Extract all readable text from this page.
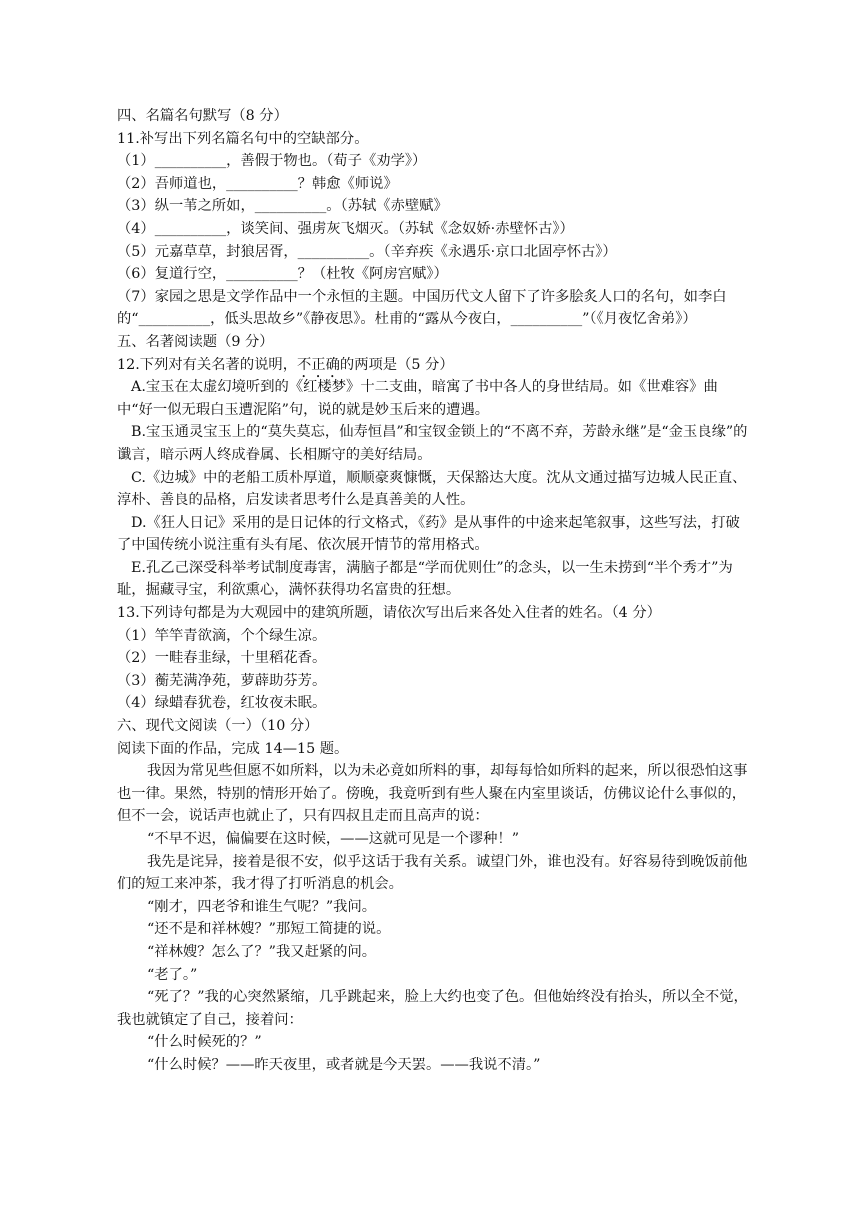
四、名篇名句默写（8 分）
11.补写出下列名篇名句中的空缺部分。
（1）__________，善假于物也。（荀子《劝学》）
（2）吾师道也，__________？韩愈《师说》
（3）纵一苇之所如，__________。（苏轼《赤壁赋》
（4）__________，谈笑间、强虏灰飞烟灭。（苏轼《念奴娇·赤壁怀古》）
（5）元嘉草草，封狼居胥，__________。（辛弃疾《永遇乐·京口北固亭怀古》）
（6）复道行空，__________？（杜牧《阿房宫赋》）
（7）家园之思是文学作品中一个永恒的主题。中国历代文人留下了许多脍炙人口的名句，如李白的“__________，低头思故乡”《静夜思》。杜甫的“露从今夜白，__________”（《月夜忆舍弟》）
五、名著阅读题（9 分）
12.下列对有关名著的说明，不正确的两项是（5 分）
A.宝玉在太虚幻境听到的《红楼梦》十二支曲，暗寓了书中各人的身世结局。如《世难容》曲中“好一似无瑕白玉遭泥陷”句，说的就是妙玉后来的遭遇。
B.宝玉通灵宝玉上的“莫失莫忘，仙寿恒昌”和宝钗金锁上的“不离不弃，芳龄永继”是“金玉良缘”的谶言，暗示两人终成眷属、长相厮守的美好结局。
C.《边城》中的老船工质朴厚道，顺顺豪爽慷慨，天保豁达大度。沈从文通过描写边城人民正直、淳朴、善良的品格，启发读者思考什么是真善美的人性。
D.《狂人日记》采用的是日记体的行文格式，《药》是从事件的中途来起笔叙事，这些写法，打破了中国传统小说注重有头有尾、依次展开情节的常用格式。
E.孔乙己深受科举考试制度毒害，满脑子都是“学而优则仕”的念头，以一生未捞到“半个秀才”为耻，掘藏寻宝，利欲熏心，满怀获得功名富贵的狂想。
13.下列诗句都是为大观园中的建筑所题，请依次写出后来各处入住者的姓名。（4 分）
（1）竿竿青欲滴，个个绿生凉。
（2）一畦春韭绿，十里稻花香。
（3）蘅芜满净苑，萝薜助芬芳。
（4）绿蜡春犹卷，红妆夜未眠。
六、现代文阅读（一）（10 分）
阅读下面的作品，完成 14—15 题。
我因为常见些但愿不如所料，以为未必竟如所料的事，却每每恰如所料的起来，所以很恐怕这事也一律。果然，特别的情形开始了。傍晚，我竟听到有些人聚在内室里谈话，仿佛议论什么事似的，但不一会，说话声也就止了，只有四叔且走而且高声的说：
“不早不迟，偏偏要在这时候，——这就可见是一个谬种！”
我先是诧异，接着是很不安，似乎这话于我有关系。诚望门外，谁也没有。好容易待到晚饭前他们的短工来冲茶，我才得了打听消息的机会。
“刚才，四老爷和谁生气呢？”我问。
“还不是和祥林嫂？”那短工简捷的说。
“祥林嫂？怎么了？”我又赶紧的问。
“老了。”
“死了？”我的心突然紧缩，几乎跳起来，脸上大约也变了色。但他始终没有抬头，所以全不觉，我也就镇定了自己，接着问：
“什么时候死的？”
“什么时候？——昨天夜里，或者就是今天罢。——我说不清。”
